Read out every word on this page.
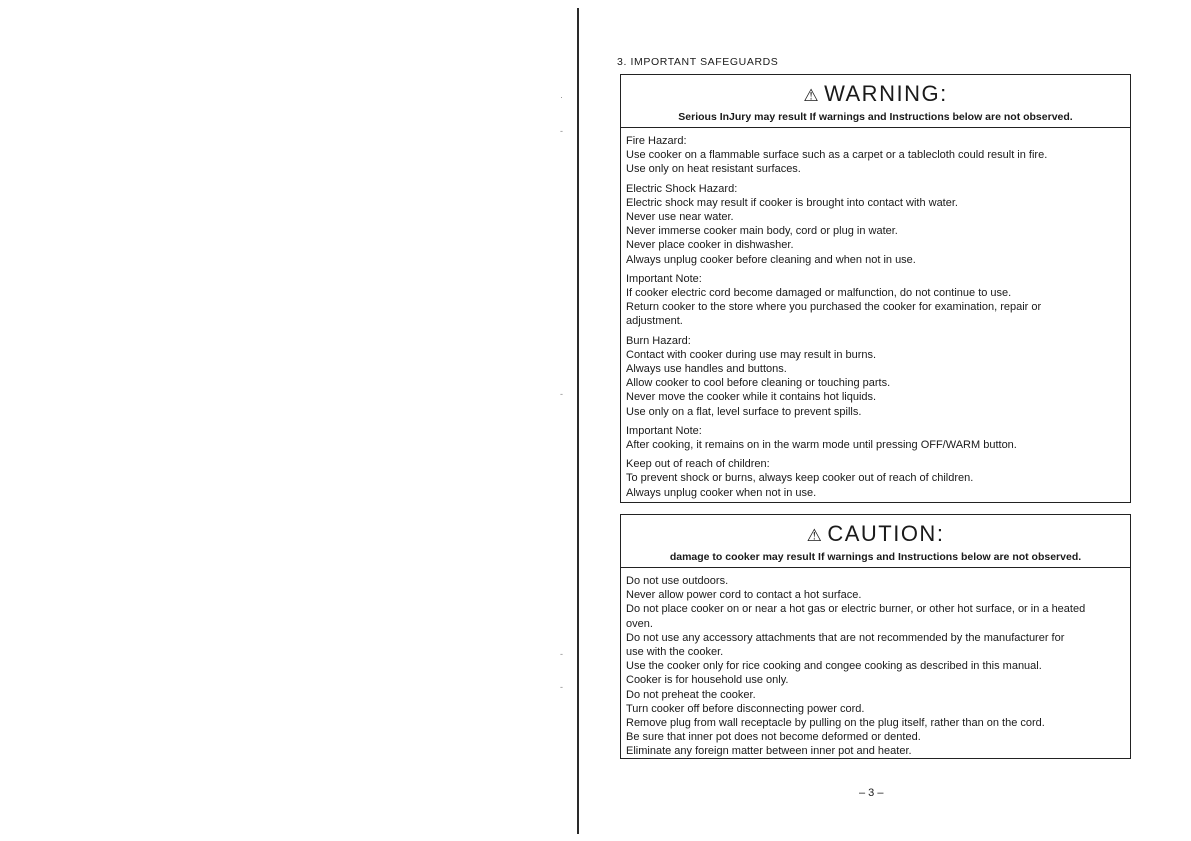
·
-
-
-
-
3. IMPORTANT SAFEGUARDS
⚠ WARNING:
Serious InJury may result If warnings and Instructions below are not observed.
Fire Hazard:
Use cooker on a flammable surface such as a carpet or a tablecloth could result in fire.
Use only on heat resistant surfaces.
Electric Shock Hazard:
Electric shock may result if cooker is brought into contact with water.
Never use near water.
Never immerse cooker main body, cord or plug in water.
Never place cooker in dishwasher.
Always unplug cooker before cleaning and when not in use.
Important Note:
If cooker electric cord become damaged or malfunction, do not continue to use.
Return cooker to the store where you purchased the cooker for examination, repair or
adjustment.
Burn Hazard:
Contact with cooker during use may result in burns.
Always use handles and buttons.
Allow cooker to cool before cleaning or touching parts.
Never move the cooker while it contains hot liquids.
Use only on a flat, level surface to prevent spills.
Important Note:
After cooking, it remains on in the warm mode until pressing OFF/WARM button.
Keep out of reach of children:
To prevent shock or burns, always keep cooker out of reach of children.
Always unplug cooker when not in use.
⚠ CAUTION:
damage to cooker may result If warnings and Instructions below are not observed.
Do not use outdoors.
Never allow power cord to contact a hot surface.
Do not place cooker on or near a hot gas or electric burner, or other hot surface, or in a heated
oven.
Do not use any accessory attachments that are not recommended by the manufacturer for
use with the cooker.
Use the cooker only for rice cooking and congee cooking as described in this manual.
Cooker is for household use only.
Do not preheat the cooker.
Turn cooker off before disconnecting power cord.
Remove plug from wall receptacle by pulling on the plug itself, rather than on the cord.
Be sure that inner pot does not become deformed or dented.
Eliminate any foreign matter between inner pot and heater.
– 3 –
